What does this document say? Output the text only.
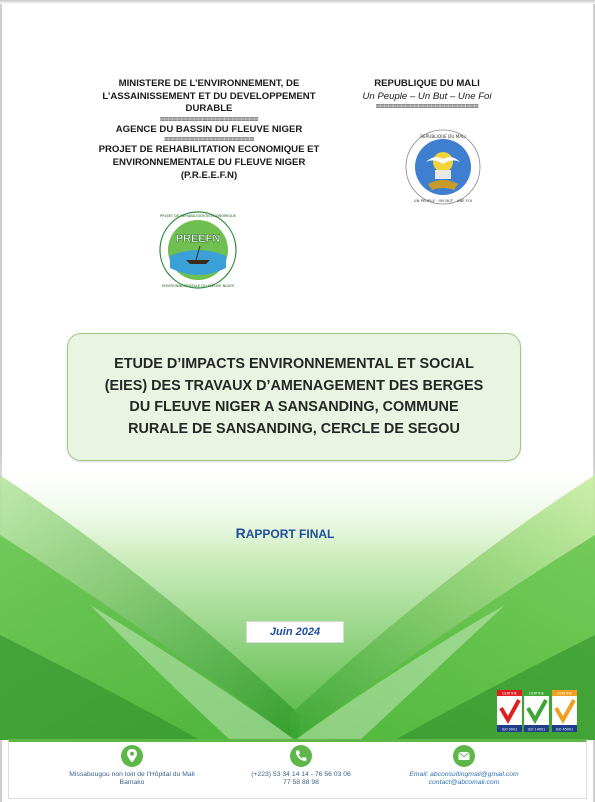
MINISTERE DE L’ENVIRONNEMENT, DE
L’ASSAINISSEMENT ET DU DEVELOPPEMENT
DURABLE
=======================
AGENCE DU BASSIN DU FLEUVE NIGER
=====================
PROJET DE REHABILITATION ECONOMIQUE ET
ENVIRONNEMENTALE DU FLEUVE NIGER
(P.R.E.E.F.N)
REPUBLIQUE DU MALI
Un Peuple – Un But – Une Foi
========================
REPUBLIQUE DU MALI
UN PEUPLE · UN BUT · UNE FOI
PREEFN
PROJET DE REHABILITATION ECONOMIQUE
ENVIRONNEMENTALE DU FLEUVE NIGER

ETUDE D’IMPACTS ENVIRONNEMENTAL ET SOCIAL
(EIES) DES TRAVAUX D’AMENAGEMENT DES BERGES
DU FLEUVE NIGER A SANSANDING, COMMUNE
RURALE DE SANSANDING, CERCLE DE SEGOU

RAPPORT FINAL
Juin 2024
CERTIFIE
ISO 9001
CERTIFIE
ISO 14001
CERTIFIE
ISO 45001
Missabougou non loin de l’Hôpital du Mali
Bamako
(+223) 53 34 14 14 - 76 56 03 06
77 58 88 98
Email: abconsultingmali@gmail.com
contact@abcomali.com
